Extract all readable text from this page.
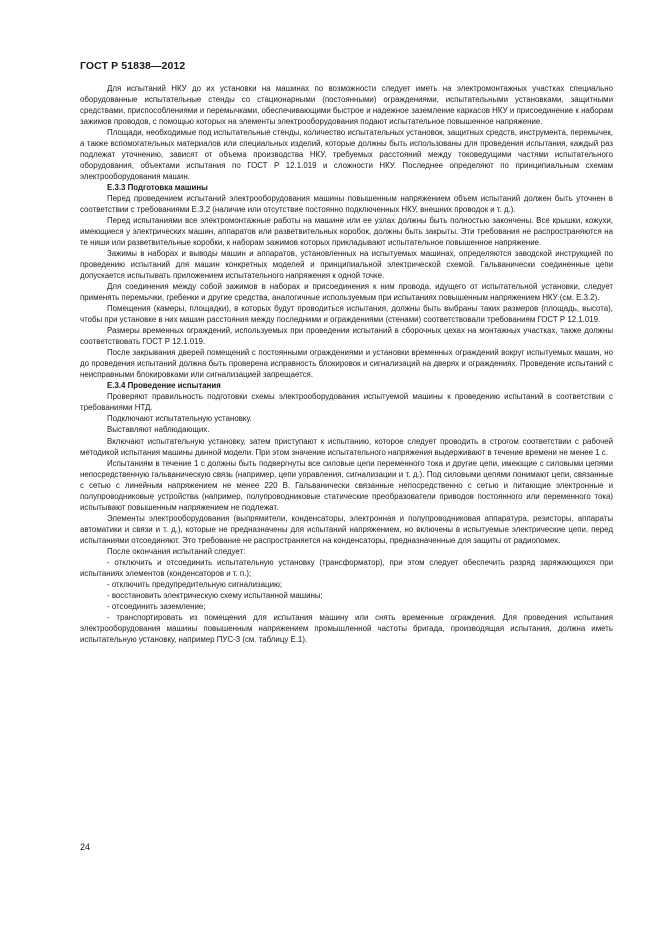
ГОСТ Р 51838—2012

Для испытаний НКУ до их установки на машинах по возможности следует иметь на электромонтажных участках специально оборудованные испытательные стенды со стационарными (постоянными) ограждениями, испытательными установками, защитными средствами, приспособлениями и перемычками, обеспечивающими быстрое и надежное заземление каркасов НКУ и присоединение к наборам зажимов проводов, с помощью которых на элементы электрооборудования подают испытательное повышенное напряжение.

Площади, необходимые под испытательные стенды, количество испытательных установок, защитных средств, инструмента, перемычек, а также вспомогательных материалов или специальных изделий, которые должны быть использованы для проведения испытания, каждый раз подлежат уточнению, зависят от объема производства НКУ, требуемых расстояний между токоведущими частями испытательного оборудования, объектами испытания по ГОСТ Р 12.1.019 и сложности НКУ. Последнее определяют по принципиальным схемам электрооборудования машин.

Е.3.3 Подготовка машины

Перед проведением испытаний электрооборудования машины повышенным напряжением объем испытаний должен быть уточнен в соответствии с требованиями Е.3.2 (наличие или отсутствие постоянно подключенных НКУ, внешних проводок и т. д.).

Перед испытаниями все электромонтажные работы на машине или ее узлах должны быть полностью закончены. Все крышки, кожухи, имеющиеся у электрических машин, аппаратов или разветвительных коробок, должны быть закрыты. Эти требования не распространяются на те ниши или разветвительные коробки, к наборам зажимов которых прикладывают испытательное повышенное напряжение.

Зажимы в наборах и выводы машин и аппаратов, установленных на испытуемых машинах, определяются заводской инструкцией по проведению испытаний для машин конкретных моделей и принципиальной электрической схемой. Гальванически соединенные цепи допускается испытывать приложением испытательного напряжения к одной точке.

Для соединения между собой зажимов в наборах и присоединения к ним провода, идущего от испытательной установки, следует применять перемычки, гребенки и другие средства, аналогичные используемым при испытаниях повышенным напряжением НКУ (см. Е.3.2).

Помещения (камеры, площадки), в которых будут проводиться испытания, должны быть выбраны таких размеров (площадь, высота), чтобы при установке в них машин расстояния между последними и ограждениями (стенами) соответствовали требованиям ГОСТ Р 12.1.019.

Размеры временных ограждений, используемых при проведении испытаний в сборочных цехах на монтажных участках, также должны соответствовать ГОСТ Р 12.1.019.

После закрывания дверей помещений с постоянными ограждениями и установки временных ограждений вокруг испытуемых машин, но до проведения испытаний должна быть проверена исправность блокировок и сигнализаций на дверях и ограждениях. Проведение испытаний с неисправными блокировками или сигнализацией запрещается.

Е.3.4 Проведение испытания

Проверяют правильность подготовки схемы электрооборудования испытуемой машины к проведению испытаний в соответствии с требованиями НТД.

Подключают испытательную установку.

Выставляют наблюдающих.

Включают испытательную установку, затем приступают к испытанию, которое следует проводить в строгом соответствии с рабочей методикой испытания машины данной модели. При этом значение испытательного напряжения выдерживают в течение времени не менее 1 с.

Испытаниям в течение 1 с должны быть подвергнуты все силовые цепи переменного тока и другие цепи, имеющие с силовыми цепями непосредственную гальваническую связь (например, цепи управления, сигнализации и т. д.). Под силовыми цепями понимают цепи, связанные с сетью с линейным напряжением не менее 220 В. Гальванически связанные непосредственно с сетью и питающие электронные и полупроводниковые устройства (например, полупроводниковые статические преобразователи приводов постоянного или переменного тока) испытывают повышенным напряжением не подлежат.

Элементы электрооборудования (выпрямители, конденсаторы, электронная и полупроводниковая аппаратура, резисторы, аппараты автоматики и связи и т. д.), которые не предназначены для испытаний напряжением, но включены в испытуемые электрические цепи, перед испытаниями отсоединяют. Это требование не распространяется на конденсаторы, предназначенные для защиты от радиопомех.

После окончания испытаний следует:

- отключить и отсоединить испытательную установку (трансформатор), при этом следует обеспечить разряд заряжающихся при испытаниях элементов (конденсаторов и т. п.);

- отключить предупредительную сигнализацию;

- восстановить электрическую схему испытанной машины;

- отсоединить заземление;

- транспортировать из помещения для испытания машину или снять временные ограждения. Для проведения испытания электрооборудования машины повышенным напряжением промышленной частоты бригада, производящая испытания, должна иметь испытательную установку, например ПУС-3 (см. таблицу Е.1).

24
